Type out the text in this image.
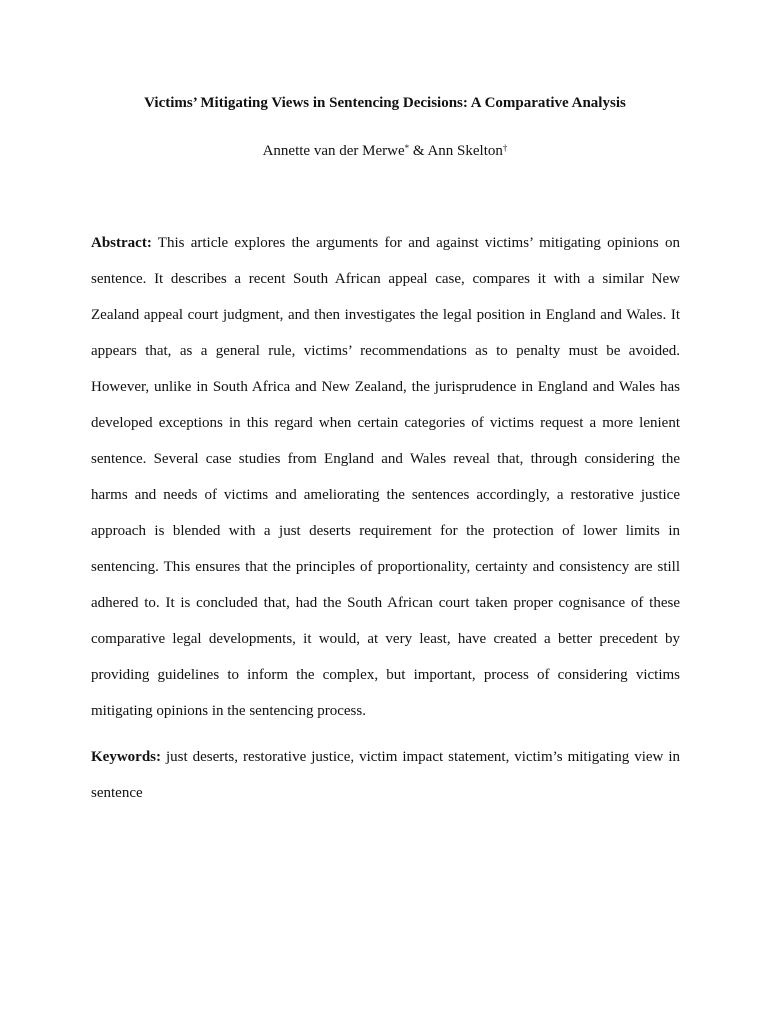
Victims’ Mitigating Views in Sentencing Decisions: A Comparative Analysis

Annette van der Merwe* & Ann Skelton†

Abstract: This article explores the arguments for and against victims’ mitigating opinions on
sentence. It describes a recent South African appeal case, compares it with a similar New
Zealand appeal court judgment, and then investigates the legal position in England and Wales. It
appears that, as a general rule, victims’ recommendations as to penalty must be avoided.
However, unlike in South Africa and New Zealand, the jurisprudence in England and Wales has
developed exceptions in this regard when certain categories of victims request a more lenient
sentence. Several case studies from England and Wales reveal that, through considering the
harms and needs of victims and ameliorating the sentences accordingly, a restorative justice
approach is blended with a just deserts requirement for the protection of lower limits in
sentencing. This ensures that the principles of proportionality, certainty and consistency are still
adhered to. It is concluded that, had the South African court taken proper cognisance of these
comparative legal developments, it would, at very least, have created a better precedent by
providing guidelines to inform the complex, but important, process of considering victims
mitigating opinions in the sentencing process.
Keywords: just deserts, restorative justice, victim impact statement, victim’s mitigating view in
sentence
